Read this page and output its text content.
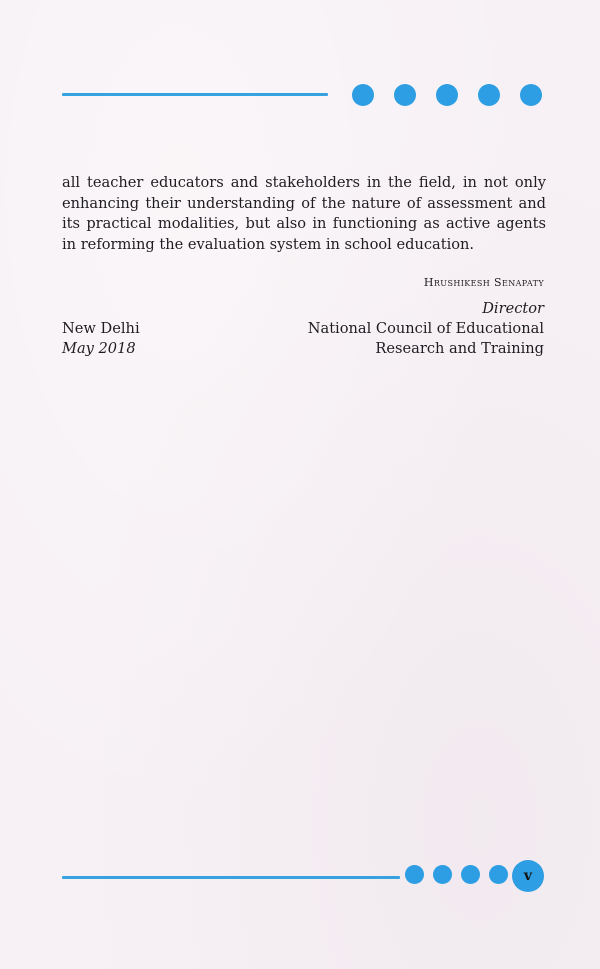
all teacher educators and stakeholders in the field, in not only enhancing their understanding of the nature of assessment and its practical modalities, but also in functioning as active agents in reforming the evaluation system in school education.

Hrushikesh Senapaty
Director
National Council of Educational
Research and Training
New Delhi
May 2018
v
